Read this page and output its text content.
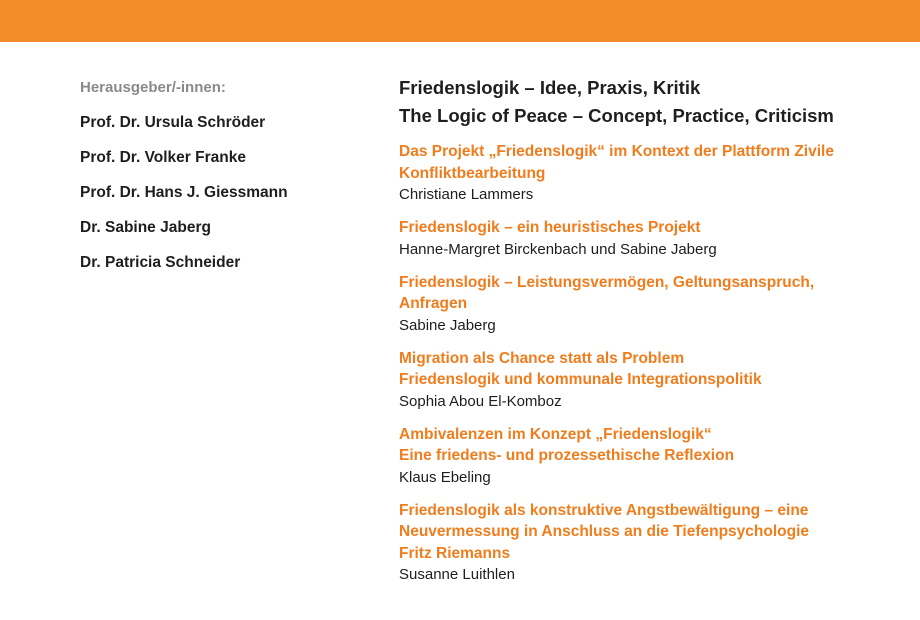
Herausgeber/-innen:
Prof. Dr. Ursula Schröder
Prof. Dr. Volker Franke
Prof. Dr. Hans J. Giessmann
Dr. Sabine Jaberg
Dr. Patricia Schneider
Friedenslogik – Idee, Praxis, Kritik
The Logic of Peace – Concept, Practice, Criticism
Das Projekt „Friedenslogik“ im Kontext der Plattform Zivile
Konfliktbearbeitung
Christiane Lammers
Friedenslogik – ein heuristisches Projekt
Hanne-Margret Birckenbach und Sabine Jaberg
Friedenslogik – Leistungsvermögen, Geltungsanspruch,
Anfragen
Sabine Jaberg
Migration als Chance statt als Problem
Friedenslogik und kommunale Integrationspolitik
Sophia Abou El-Komboz
Ambivalenzen im Konzept „Friedenslogik“
Eine friedens- und prozessethische Reflexion
Klaus Ebeling
Friedenslogik als konstruktive Angstbewältigung – eine
Neuvermessung in Anschluss an die Tiefenpsychologie
Fritz Riemanns
Susanne Luithlen
